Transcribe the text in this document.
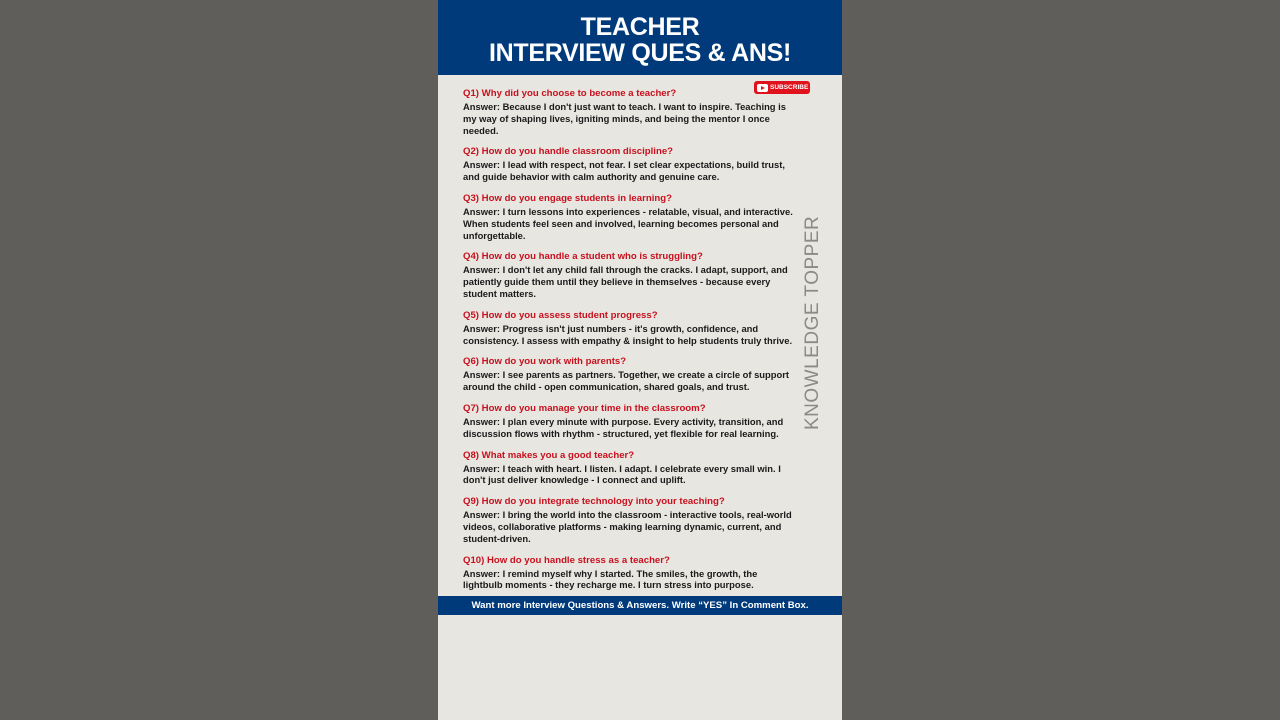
TEACHER
INTERVIEW QUES & ANS!
SUBSCRIBE
Q1) Why did you choose to become a teacher?
Answer: Because I don't just want to teach. I want to inspire. Teaching is my way of shaping lives, igniting minds, and being the mentor I once needed.
Q2) How do you handle classroom discipline?
Answer: I lead with respect, not fear. I set clear expectations, build trust, and guide behavior with calm authority and genuine care.
Q3) How do you engage students in learning?
Answer: I turn lessons into experiences - relatable, visual, and interactive. When students feel seen and involved, learning becomes personal and unforgettable.
Q4) How do you handle a student who is struggling?
Answer: I don't let any child fall through the cracks. I adapt, support, and patiently guide them until they believe in themselves - because every student matters.
Q5) How do you assess student progress?
Answer: Progress isn't just numbers - it's growth, confidence, and consistency. I assess with empathy & insight to help students truly thrive.
Q6) How do you work with parents?
Answer: I see parents as partners. Together, we create a circle of support around the child - open communication, shared goals, and trust.
Q7) How do you manage your time in the classroom?
Answer: I plan every minute with purpose. Every activity, transition, and discussion flows with rhythm - structured, yet flexible for real learning.
Q8) What makes you a good teacher?
Answer: I teach with heart. I listen. I adapt. I celebrate every small win. I don't just deliver knowledge - I connect and uplift.
Q9) How do you integrate technology into your teaching?
Answer: I bring the world into the classroom - interactive tools, real-world videos, collaborative platforms - making learning dynamic, current, and student-driven.
Q10) How do you handle stress as a teacher?
Answer: I remind myself why I started. The smiles, the growth, the lightbulb moments - they recharge me. I turn stress into purpose.
Want more Interview Questions & Answers. Write “YES” In Comment Box.
KNOWLEDGE TOPPER
